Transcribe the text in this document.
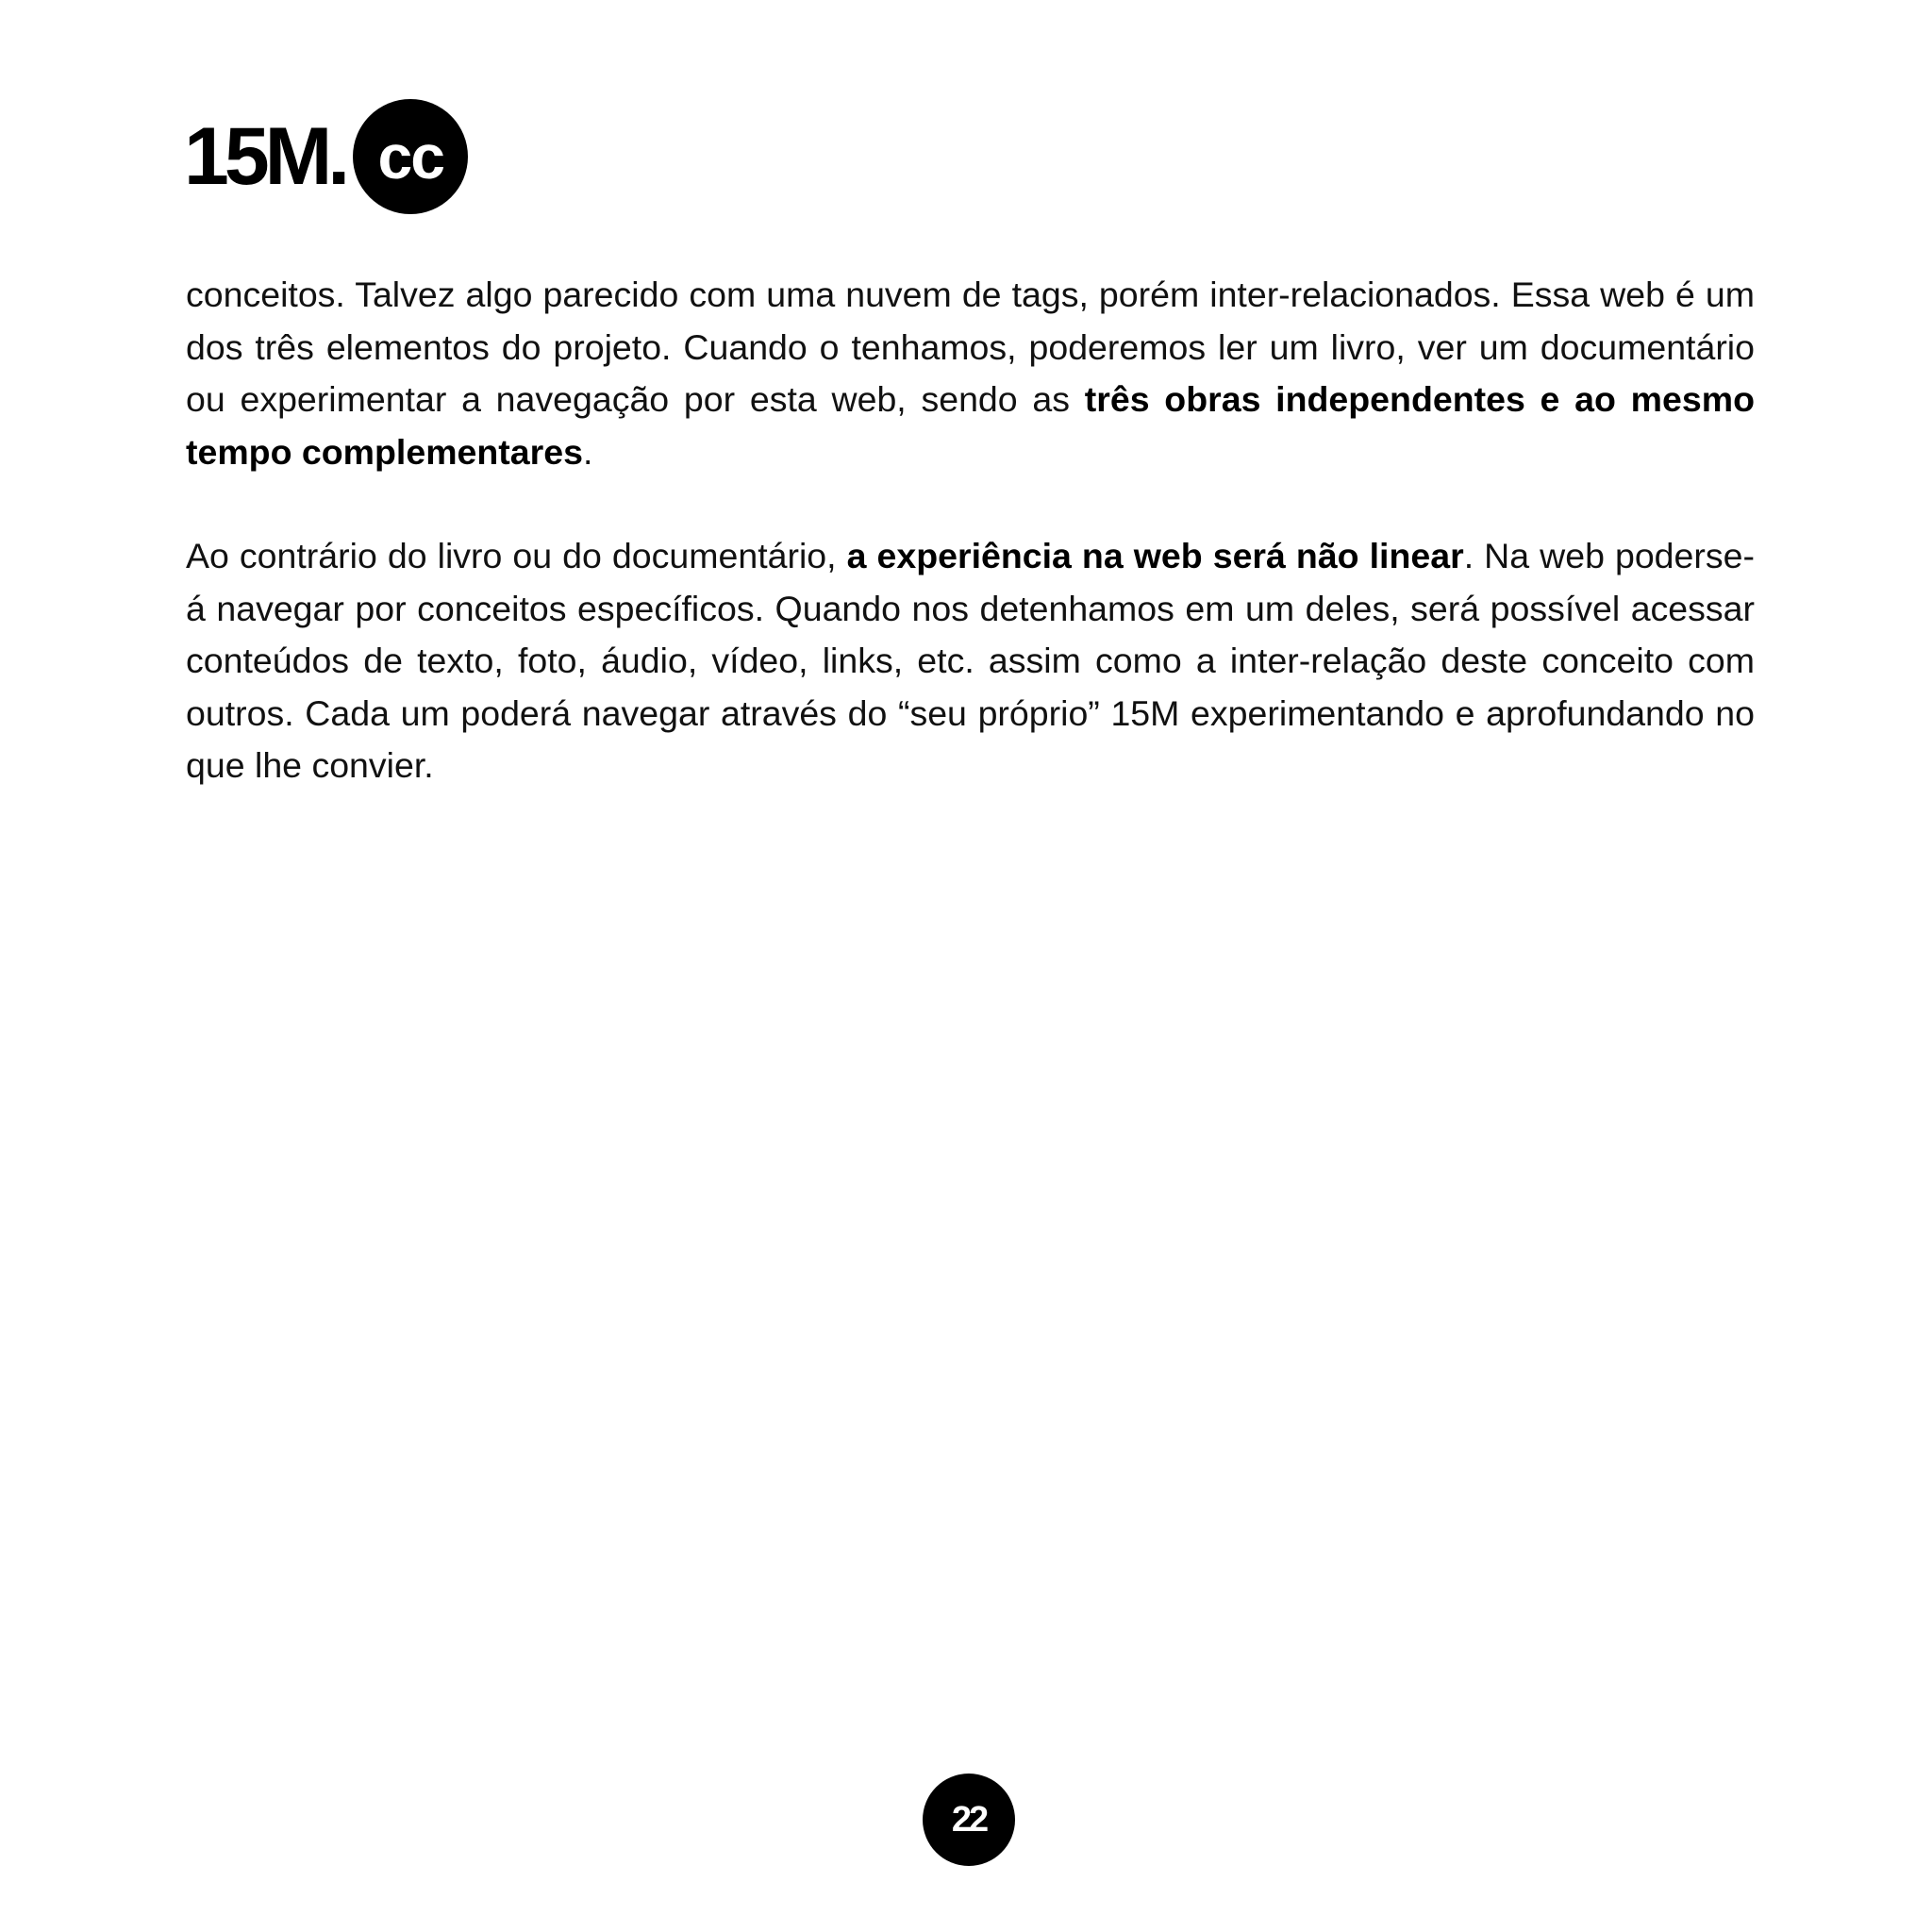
15M. cc

conceitos. Talvez algo parecido com uma nuvem de tags, porém inter-relacionados. Essa web é um dos três elementos do projeto. Cuando o tenhamos, poderemos ler um livro, ver um documentário ou experimentar a navegação por esta web, sendo as três obras independentes e ao mesmo tempo complementares.

Ao contrário do livro ou do documentário, a experiência na web será não linear. Na web poderse-á navegar por conceitos específicos. Quando nos detenhamos em um deles, será possível acessar conteúdos de texto, foto, áudio, vídeo, links, etc. assim como a inter-relação deste conceito com outros. Cada um poderá navegar através do “seu próprio” 15M experimentando e aprofundando no que lhe convier.

22
